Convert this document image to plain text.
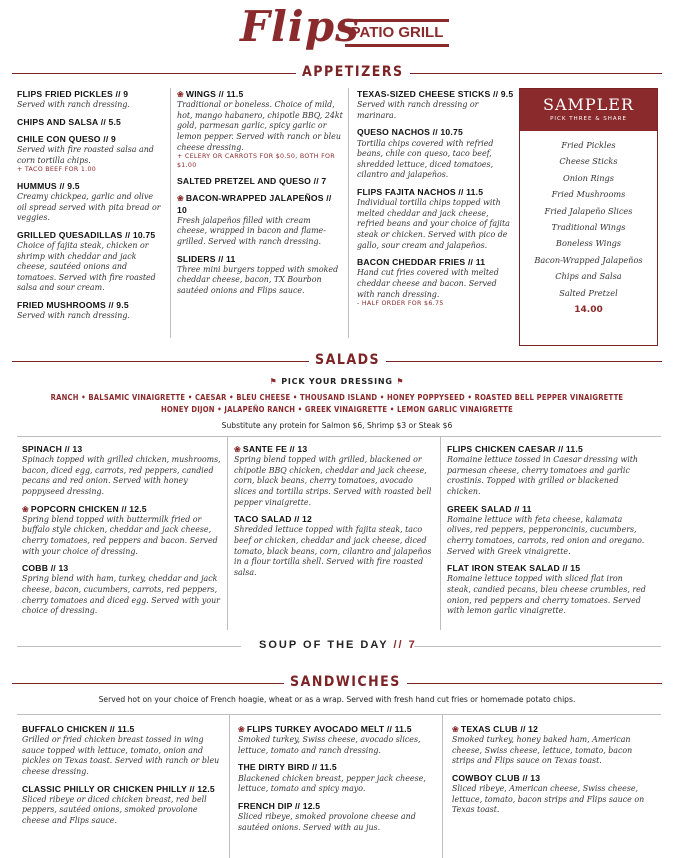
Flips
PATIO GRILL
APPETIZERS
FLIPS FRIED PICKLES // 9
Served with ranch dressing.
CHIPS AND SALSA // 5.5
CHILE CON QUESO // 9
Served with fire roasted salsa and corn tortilla chips.
+ TACO BEEF FOR 1.00
HUMMUS // 9.5
Creamy chickpea, garlic and olive oil spread served with pita bread or veggies.
GRILLED QUESADILLAS // 10.75
Choice of fajita steak, chicken or shrimp with cheddar and jack cheese, sautéed onions and tomatoes. Served with fire roasted salsa and sour cream.
FRIED MUSHROOMS // 9.5
Served with ranch dressing.
❀ WINGS // 11.5
Traditional or boneless. Choice of mild, hot, mango habanero, chipotle BBQ, 24kt gold, parmesan garlic, spicy garlic or lemon pepper. Served with ranch or bleu cheese dressing.
+ CELERY OR CARROTS FOR $0.50, BOTH FOR $1.00
SALTED PRETZEL AND QUESO // 7
❀ BACON-WRAPPED JALAPEÑOS // 10
Fresh jalapeños filled with cream cheese, wrapped in bacon and flame-grilled. Served with ranch dressing.
SLIDERS // 11
Three mini burgers topped with smoked cheddar cheese, bacon, TX Bourbon sautéed onions and Flips sauce.
TEXAS-SIZED CHEESE STICKS // 9.5
Served with ranch dressing or marinara.
QUESO NACHOS // 10.75
Tortilla chips covered with refried beans, chile con queso, taco beef, shredded lettuce, diced tomatoes, cilantro and jalapeños.
FLIPS FAJITA NACHOS // 11.5
Individual tortilla chips topped with melted cheddar and jack cheese, refried beans and your choice of fajita steak or chicken. Served with pico de gallo, sour cream and jalapeños.
BACON CHEDDAR FRIES // 11
Hand cut fries covered with melted cheddar cheese and bacon. Served with ranch dressing.
- HALF ORDER FOR $6.75
SAMPLER
PICK THREE & SHARE
Fried Pickles
Cheese Sticks
Onion Rings
Fried Mushrooms
Fried Jalapeño Slices
Traditional Wings
Boneless Wings
Bacon-Wrapped Jalapeños
Chips and Salsa
Salted Pretzel
14.00
SALADS
⚑ PICK YOUR DRESSING ⚑
RANCH • BALSAMIC VINAIGRETTE • CAESAR • BLEU CHEESE • THOUSAND ISLAND • HONEY POPPYSEED • ROASTED BELL PEPPER VINAIGRETTE
HONEY DIJON • JALAPEÑO RANCH • GREEK VINAIGRETTE • LEMON GARLIC VINAIGRETTE
Substitute any protein for Salmon $6, Shrimp $3 or Steak $6
SPINACH // 13
Spinach topped with grilled chicken, mushrooms, bacon, diced egg, carrots, red peppers, candied pecans and red onion. Served with honey poppyseed dressing.
❀ POPCORN CHICKEN // 12.5
Spring blend topped with buttermilk fried or buffalo style chicken, cheddar and jack cheese, cherry tomatoes, red peppers and bacon. Served with your choice of dressing.
COBB // 13
Spring blend with ham, turkey, cheddar and jack cheese, bacon, cucumbers, carrots, red peppers, cherry tomatoes and diced egg. Served with your choice of dressing.
❀ SANTE FE // 13
Spring blend topped with grilled, blackened or chipotle BBQ chicken, cheddar and jack cheese, corn, black beans, cherry tomatoes, avocado slices and tortilla strips. Served with roasted bell pepper vinaigrette.
TACO SALAD // 12
Shredded lettuce topped with fajita steak, taco beef or chicken, cheddar and jack cheese, diced tomato, black beans, corn, cilantro and jalapeños in a flour tortilla shell. Served with fire roasted salsa.
FLIPS CHICKEN CAESAR // 11.5
Romaine lettuce tossed in Caesar dressing with parmesan cheese, cherry tomatoes and garlic crostinis. Topped with grilled or blackened chicken.
GREEK SALAD // 11
Romaine lettuce with feta cheese, kalamata olives, red peppers, pepperoncinis, cucumbers, cherry tomatoes, carrots, red onion and oregano. Served with Greek vinaigrette.
FLAT IRON STEAK SALAD // 15
Romaine lettuce topped with sliced flat iron steak, candied pecans, bleu cheese crumbles, red onion, red peppers and cherry tomatoes. Served with lemon garlic vinaigrette.
SOUP OF THE DAY // 7
SANDWICHES
Served hot on your choice of French hoagie, wheat or as a wrap. Served with fresh hand cut fries or homemade potato chips.
BUFFALO CHICKEN // 11.5
Grilled or fried chicken breast tossed in wing sauce topped with lettuce, tomato, onion and pickles on Texas toast. Served with ranch or bleu cheese dressing.
CLASSIC PHILLY OR CHICKEN PHILLY // 12.5
Sliced ribeye or diced chicken breast, red bell peppers, sautéed onions, smoked provolone cheese and Flips sauce.
❀ FLIPS TURKEY AVOCADO MELT // 11.5
Smoked turkey, Swiss cheese, avocado slices, lettuce, tomato and ranch dressing.
THE DIRTY BIRD // 11.5
Blackened chicken breast, pepper jack cheese, lettuce, tomato and spicy mayo.
FRENCH DIP // 12.5
Sliced ribeye, smoked provolone cheese and sautéed onions. Served with au jus.
❀ TEXAS CLUB // 12
Smoked turkey, honey baked ham, American cheese, Swiss cheese, lettuce, tomato, bacon strips and Flips sauce on Texas toast.
COWBOY CLUB // 13
Sliced ribeye, American cheese, Swiss cheese, lettuce, tomato, bacon strips and Flips sauce on Texas toast.
